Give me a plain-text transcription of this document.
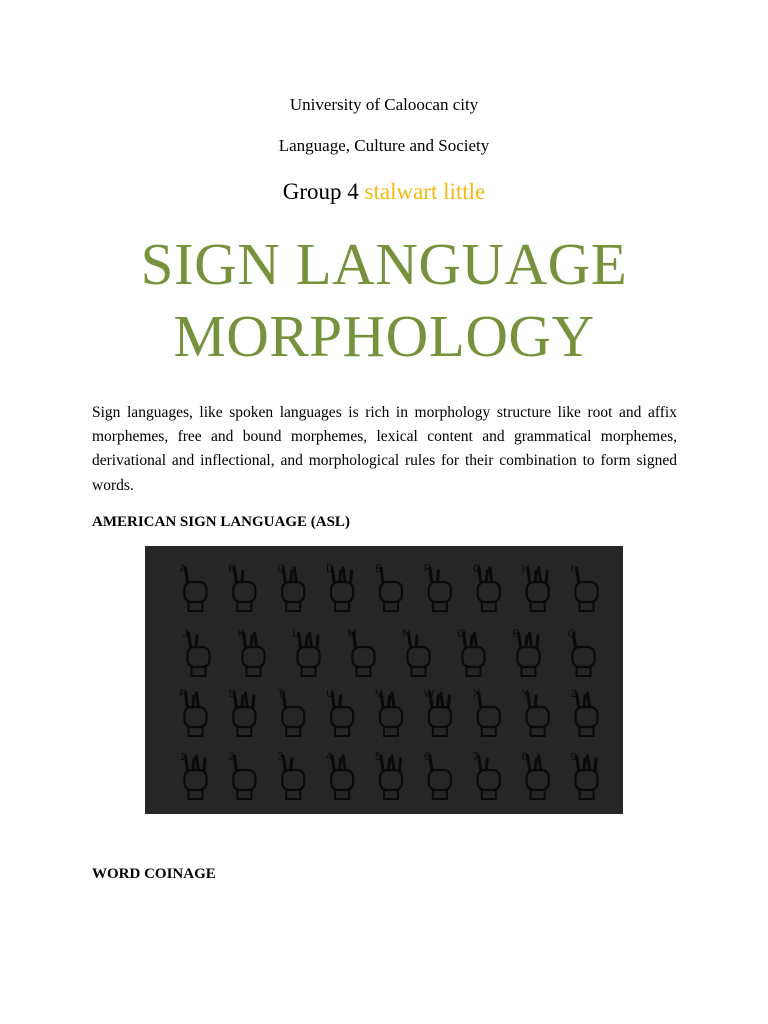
University of Caloocan city

Language, Culture and Society

Group 4 stalwart little

SIGN LANGUAGE
MORPHOLOGY

Sign languages, like spoken languages is rich in morphology structure like root and affix morphemes, free and bound morphemes, lexical content and grammatical morphemes, derivational and inflectional, and morphological rules for their combination to form signed words.

AMERICAN SIGN LANGUAGE (ASL)
A	B	C	D	E	F	G	H	I
J	K	L	M	N	O	P	Q
R	S	T	U	V	W	X	Y	Z
1	2	3	4	5	6	7	8	9
WORD COINAGE
